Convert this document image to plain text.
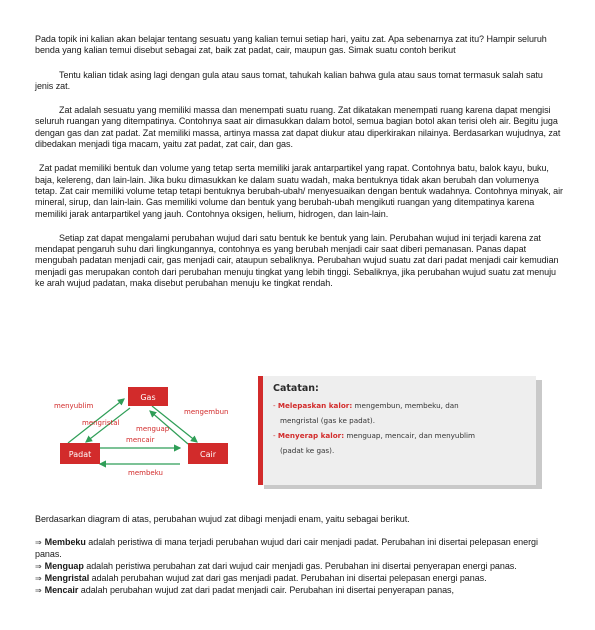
Pada topik ini kalian akan belajar tentang sesuatu yang kalian temui setiap hari, yaitu zat. Apa sebenarnya zat itu? Hampir seluruh benda yang kalian temui disebut sebagai zat, baik zat padat, cair, maupun gas. Simak suatu contoh berikut

Tentu kalian tidak asing lagi dengan gula atau saus tomat, tahukah kalian bahwa gula atau saus tomat termasuk salah satu jenis zat.

Zat adalah sesuatu yang memiliki massa dan menempati suatu ruang. Zat dikatakan menempati ruang karena dapat mengisi seluruh ruangan yang ditempatinya. Contohnya saat air dimasukkan dalam botol, semua bagian botol akan terisi oleh air. Begitu juga dengan gas dan zat padat. Zat memiliki massa, artinya massa zat dapat diukur atau diperkirakan nilainya. Berdasarkan wujudnya, zat dibedakan menjadi tiga macam, yaitu zat padat, zat cair, dan gas.

Zat padat memiliki bentuk dan volume yang tetap serta memiliki jarak antarpartikel yang rapat. Contohnya batu, balok kayu, buku, baja, kelereng, dan lain-lain. Jika buku dimasukkan ke dalam suatu wadah, maka bentuknya tidak akan berubah dan volumenya tetap. Zat cair memiliki volume tetap tetapi bentuknya berubah-ubah/ menyesuaikan dengan bentuk wadahnya. Contohnya minyak, air mineral, sirup, dan lain-lain. Gas memiliki volume dan bentuk yang berubah-ubah mengikuti ruangan yang ditempatinya karena memiliki jarak antarpartikel yang jauh. Contohnya oksigen, helium, hidrogen, dan lain-lain.

Setiap zat dapat mengalami perubahan wujud dari satu bentuk ke bentuk yang lain. Perubahan wujud ini terjadi karena zat mendapat pengaruh suhu dari lingkungannya, contohnya es yang berubah menjadi cair saat diberi pemanasan. Panas dapat mengubah padatan menjadi cair, gas menjadi cair, ataupun sebaliknya. Perubahan wujud suatu zat dari padat menjadi cair kemudian menjadi gas merupakan contoh dari perubahan menuju tingkat yang lebih tinggi. Sebaliknya, jika perubahan wujud suatu zat menuju ke arah wujud padatan, maka disebut perubahan menuju ke tingkat rendah.

Gas
Padat	Cair
menyublim
mengristal
menguap
mengembun
mencair
membeku
Catatan:
- Melepaskan kalor: mengembun, membeku, dan
mengristal (gas ke padat).
- Menyerap kalor: menguap, mencair, dan menyublim
(padat ke gas).

Berdasarkan diagram di atas, perubahan wujud zat dibagi menjadi enam, yaitu sebagai berikut.

⇒ Membeku adalah peristiwa di mana terjadi perubahan wujud dari cair menjadi padat. Perubahan ini disertai pelepasan energi panas.

⇒ Menguap adalah peristiwa perubahan zat dari wujud cair menjadi gas. Perubahan ini disertai penyerapan energi panas.

⇒ Mengristal adalah perubahan wujud zat dari gas menjadi padat. Perubahan ini disertai pelepasan energi panas.

⇒ Mencair adalah perubahan wujud zat dari padat menjadi cair. Perubahan ini disertai penyerapan panas,
